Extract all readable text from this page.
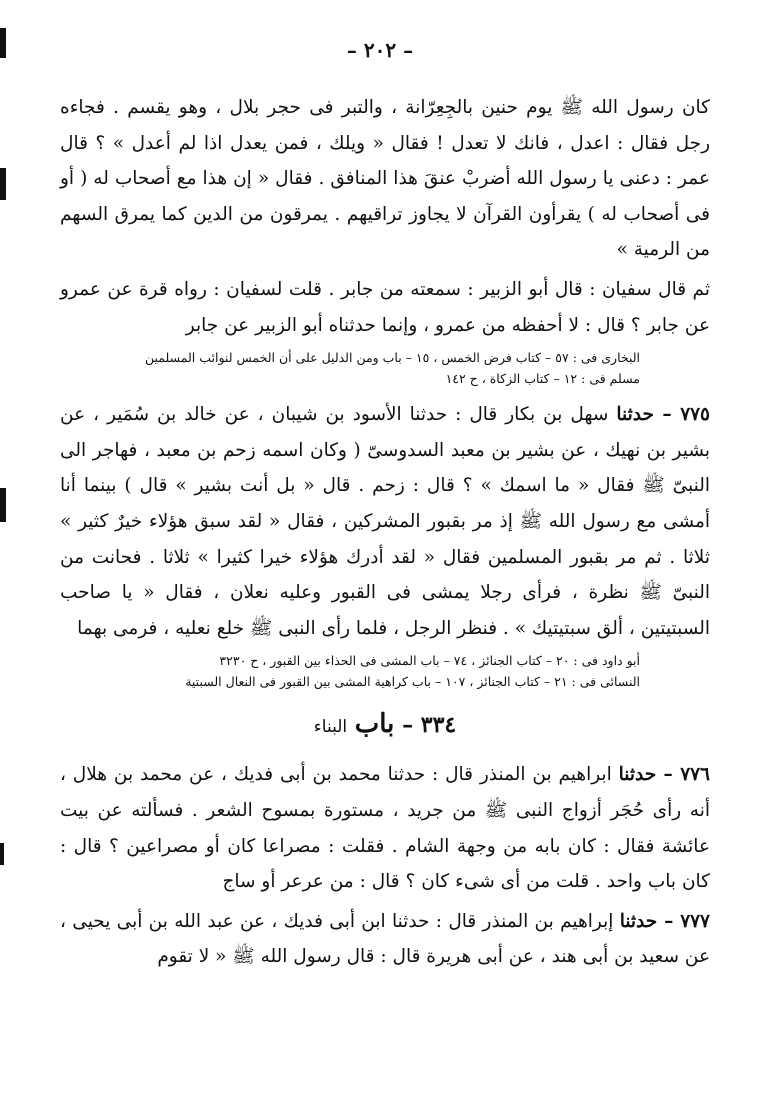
– ٢٠٢ –

كان رسول الله ﷺ يوم حنين بالجِعِرّانة ، والتبر فى حجر بلال ، وهو يقسم . فجاءه رجل فقال : اعدل ، فانك لا تعدل ! فقال « ويلك ، فمن يعدل اذا لم أعدل » ؟ قال عمر : دعنى يا رسول الله أضربْ عنقَ هذا المنافق . فقال « إن هذا مع أصحاب له ( أو فى أصحاب له ) يقرأون القرآن لا يجاوز تراقيهم . يمرقون من الدين كما يمرق السهم من الرمية »

ثم قال سفيان : قال أبو الزبير : سمعته من جابر . قلت لسفيان : رواه قرة عن عمرو عن جابر ؟ قال : لا أحفظه من عمرو ، وإنما حدثناه أبو الزبير عن جابر

البخارى فى : ٥٧ – كتاب فرض الخمس ، ١٥ – باب ومن الدليل على أن الخمس لنوائب المسلمين
مسلم فى : ١٢ – كتاب الزكاة ، ح ١٤٢

٧٧٥ – حدثنا سهل بن بكار قال : حدثنا الأسود بن شيبان ، عن خالد بن سُمَير ، عن بشير بن نهيك ، عن بشير بن معبد السدوسىّ ( وكان اسمه زحم بن معبد ، فهاجر الى النبىّ ﷺ فقال « ما اسمك » ؟ قال : زحم . قال « بل أنت بشير » قال ) بينما أنا أمشى مع رسول الله ﷺ إذ مر بقبور المشركين ، فقال « لقد سبق هؤلاء خيرٌ كثير » ثلاثا . ثم مر بقبور المسلمين فقال « لقد أدرك هؤلاء خيرا كثيرا » ثلاثا . فحانت من النبىّ ﷺ نظرة ، فرأى رجلا يمشى فى القبور وعليه نعلان ، فقال « يا صاحب السبتيتين ، ألق سبتيتيك » . فنظر الرجل ، فلما رأى النبى ﷺ خلع نعليه ، فرمى بهما

أبو داود فى : ٢٠ – كتاب الجنائز ، ٧٤ – باب المشى فى الحذاء بين القبور ، ح ٣٢٣٠
النسائى فى : ٢١ – كتاب الجنائز ، ١٠٧ – باب كراهية المشى بين القبور فى النعال السبتية
٣٣٤ – باب البناء

٧٧٦ – حدثنا ابراهيم بن المنذر قال : حدثنا محمد بن أبى فديك ، عن محمد بن هلال ، أنه رأى حُجَر أزواج النبى ﷺ من جريد ، مستورة بمسوح الشعر . فسألته عن بيت عائشة فقال : كان بابه من وجهة الشام . فقلت : مصراعا كان أو مصراعين ؟ قال : كان باب واحد . قلت من أى شىء كان ؟ قال : من عرعر أو ساج

٧٧٧ – حدثنا إبراهيم بن المنذر قال : حدثنا ابن أبى فديك ، عن عبد الله بن أبى يحيى ، عن سعيد بن أبى هند ، عن أبى هريرة قال : قال رسول الله ﷺ « لا تقوم
